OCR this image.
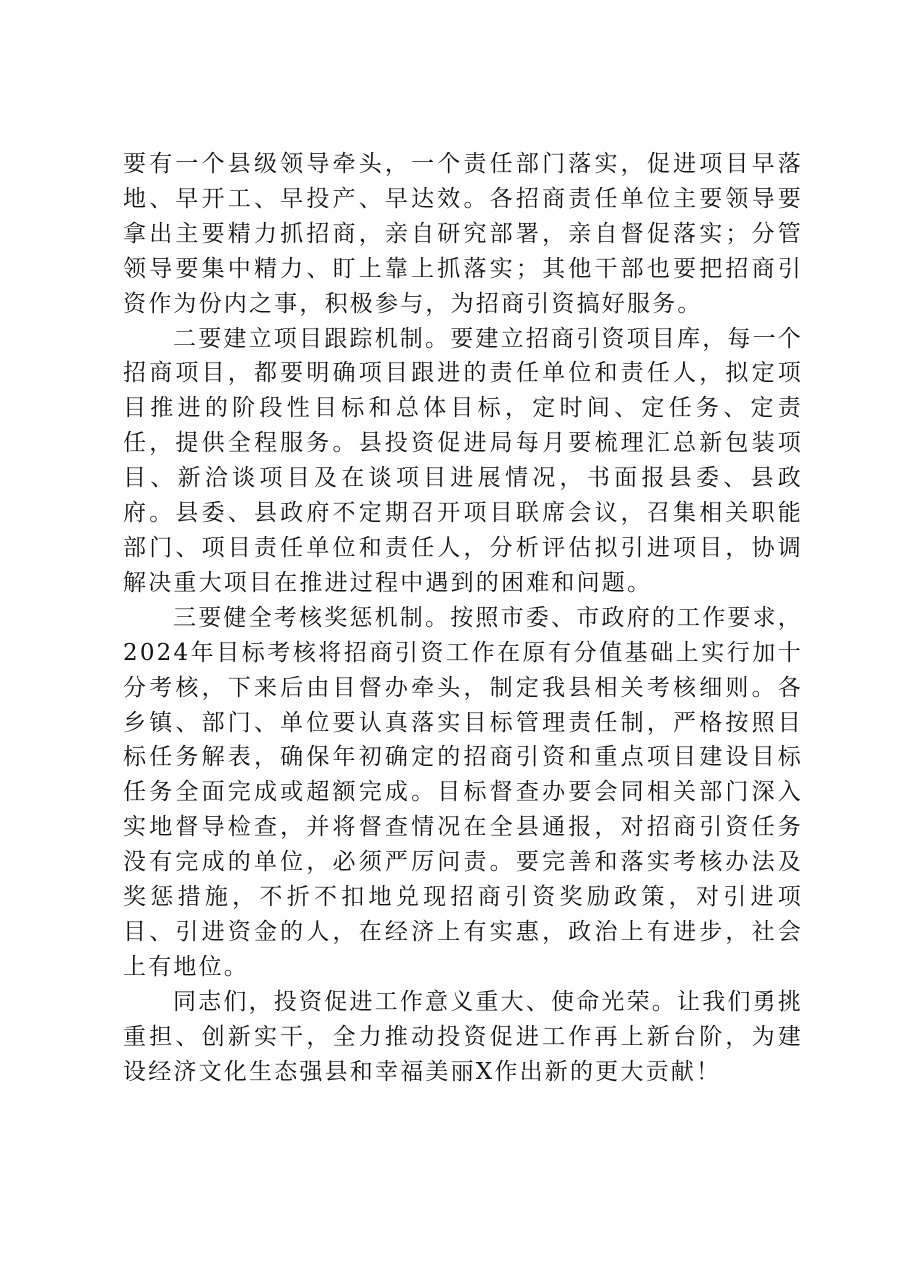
要有一个县级领导牵头，一个责任部门落实，促进项目早落地、早开工、早投产、早达效。各招商责任单位主要领导要拿出主要精力抓招商，亲自研究部署，亲自督促落实；分管领导要集中精力、盯上靠上抓落实；其他干部也要把招商引资作为份内之事，积极参与，为招商引资搞好服务。

二要建立项目跟踪机制。要建立招商引资项目库，每一个招商项目，都要明确项目跟进的责任单位和责任人，拟定项目推进的阶段性目标和总体目标，定时间、定任务、定责任，提供全程服务。县投资促进局每月要梳理汇总新包装项目、新洽谈项目及在谈项目进展情况，书面报县委、县政府。县委、县政府不定期召开项目联席会议，召集相关职能部门、项目责任单位和责任人，分析评估拟引进项目，协调解决重大项目在推进过程中遇到的困难和问题。

三要健全考核奖惩机制。按照市委、市政府的工作要求，2024年目标考核将招商引资工作在原有分值基础上实行加十分考核，下来后由目督办牵头，制定我县相关考核细则。各乡镇、部门、单位要认真落实目标管理责任制，严格按照目标任务解表，确保年初确定的招商引资和重点项目建设目标任务全面完成或超额完成。目标督查办要会同相关部门深入实地督导检查，并将督查情况在全县通报，对招商引资任务没有完成的单位，必须严厉问责。要完善和落实考核办法及奖惩措施，不折不扣地兑现招商引资奖励政策，对引进项目、引进资金的人，在经济上有实惠，政治上有进步，社会上有地位。

同志们，投资促进工作意义重大、使命光荣。让我们勇挑重担、创新实干，全力推动投资促进工作再上新台阶，为建设经济文化生态强县和幸福美丽X作出新的更大贡献！
